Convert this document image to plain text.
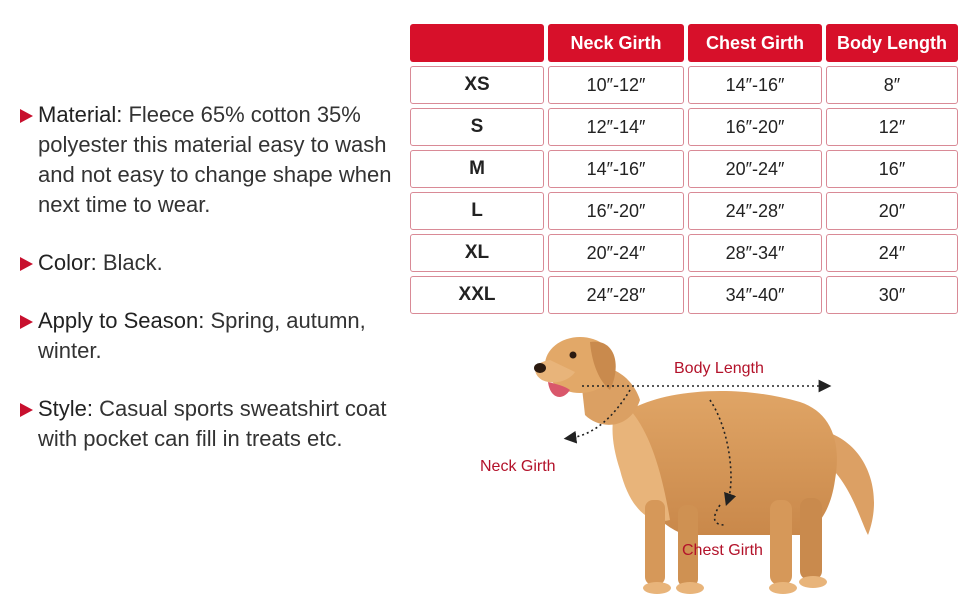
Material: Fleece 65% cotton 35% polyester this material easy to wash and not easy to change shape when next time to wear.
Color: Black.
Apply to Season: Spring, autumn, winter.
Style: Casual sports sweatshirt coat with pocket can fill in treats etc.
	Neck Girth	Chest Girth	Body Length
XS	10″-12″	14″-16″	8″
S	12″-14″	16″-20″	12″
M	14″-16″	20″-24″	16″
L	16″-20″	24″-28″	20″
XL	20″-24″	28″-34″	24″
XXL	24″-28″	34″-40″	30″
Body Length
Neck Girth
Chest Girth
